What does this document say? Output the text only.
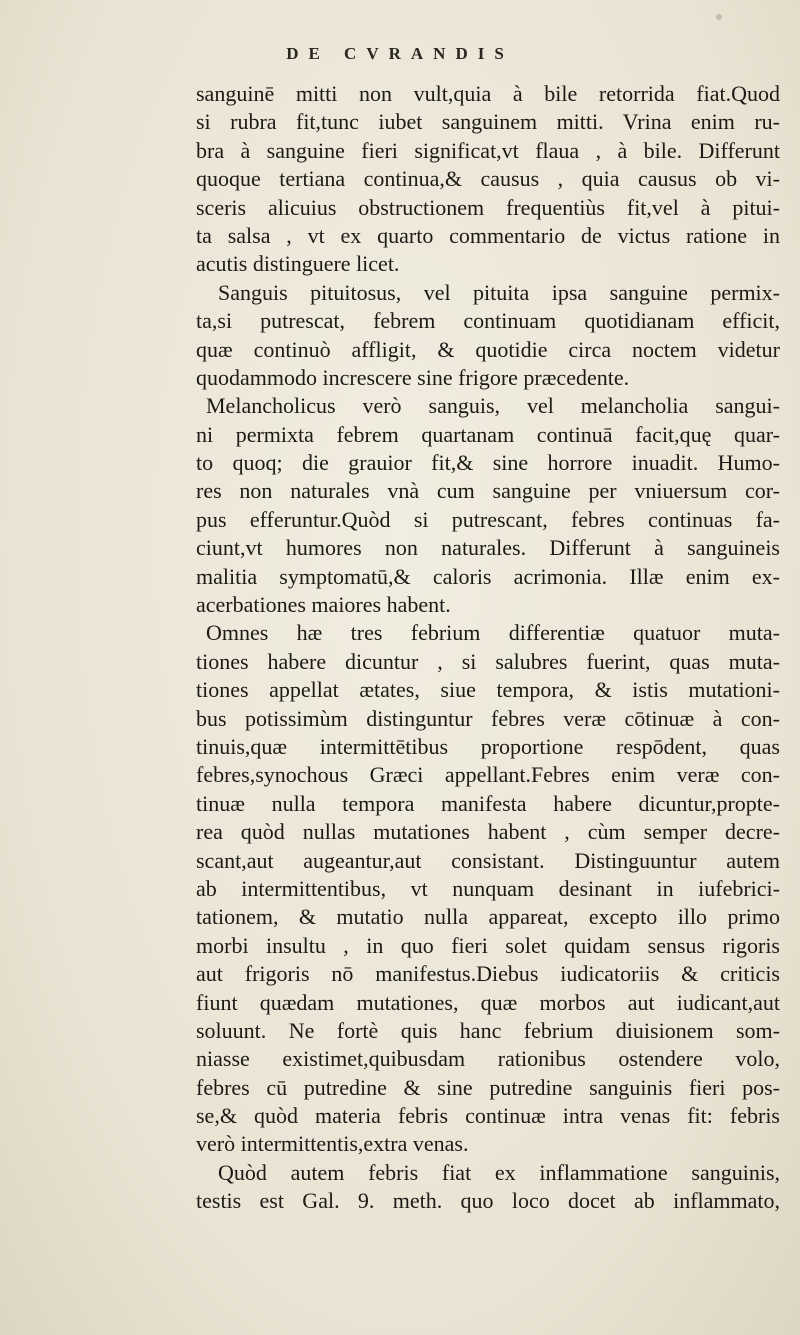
DE CVRANDIS
sanguinē mitti non vult,quia à bile retorrida fiat.Quod
si rubra fit,tunc iubet sanguinem mitti. Vrina enim ru-
bra à sanguine fieri significat,vt flaua , à bile. Differunt
quoque tertiana continua,& causus , quia causus ob vi-
sceris alicuius obstructionem frequentiùs fit,vel à pitui-
ta salsa , vt ex quarto commentario de victus ratione in
acutis distinguere licet.
Sanguis pituitosus, vel pituita ipsa sanguine permix-
ta,si putrescat, febrem continuam quotidianam efficit,
quæ continuò affligit, & quotidie circa noctem videtur
quodammodo increscere sine frigore præcedente.
Melancholicus verò sanguis, vel melancholia sangui-
ni permixta febrem quartanam continuā facit,quę quar-
to quoq; die grauior fit,& sine horrore inuadit. Humo-
res non naturales vnà cum sanguine per vniuersum cor-
pus efferuntur.Quòd si putrescant, febres continuas fa-
ciunt,vt humores non naturales. Differunt à sanguineis
malitia symptomatū,& caloris acrimonia. Illæ enim ex-
acerbationes maiores habent.
Omnes hæ tres febrium differentiæ quatuor muta-
tiones habere dicuntur , si salubres fuerint, quas muta-
tiones appellat ætates, siue tempora, & istis mutationi-
bus potissimùm distinguntur febres veræ cōtinuæ à con-
tinuis,quæ intermittētibus proportione respōdent, quas
febres,synochous Græci appellant.Febres enim veræ con-
tinuæ nulla tempora manifesta habere dicuntur,propte-
rea quòd nullas mutationes habent , cùm semper decre-
scant,aut augeantur,aut consistant. Distinguuntur autem
ab intermittentibus, vt nunquam desinant in iufebrici-
tationem, & mutatio nulla appareat, excepto illo primo
morbi insultu , in quo fieri solet quidam sensus rigoris
aut frigoris nō manifestus.Diebus iudicatoriis & criticis
fiunt quædam mutationes, quæ morbos aut iudicant,aut
soluunt. Ne fortè quis hanc febrium diuisionem som-
niasse existimet,quibusdam rationibus ostendere volo,
febres cū putredine & sine putredine sanguinis fieri pos-
se,& quòd materia febris continuæ intra venas fit: febris
verò intermittentis,extra venas.
Quòd autem febris fiat ex inflammatione sanguinis,
testis est Gal. 9. meth. quo loco docet ab inflammato,
